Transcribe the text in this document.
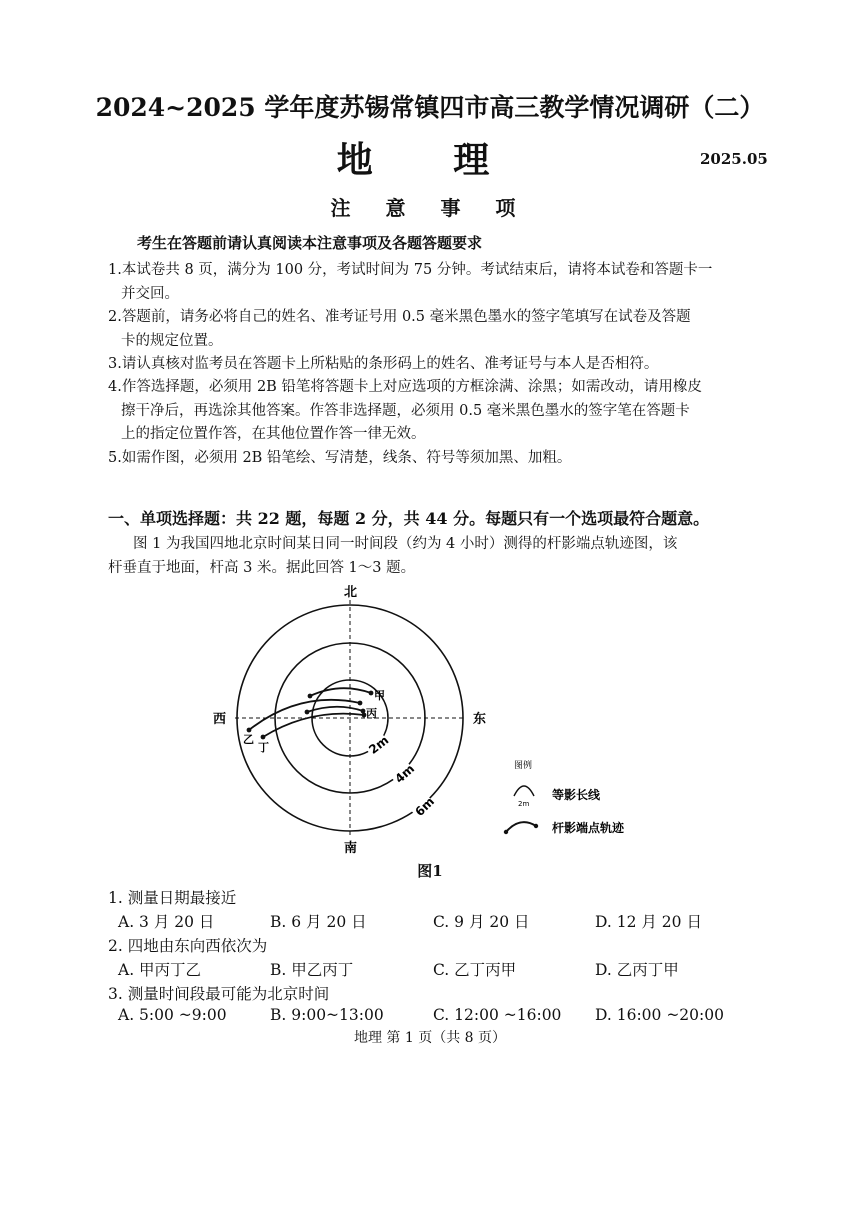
2024~2025 学年度苏锡常镇四市高三教学情况调研（二）
地 理	2025.05
注 意 事 项
考生在答题前请认真阅读本注意事项及各题答题要求
1.本试卷共 8 页，满分为 100 分，考试时间为 75 分钟。考试结束后，请将本试卷和答题卡一
并交回。
2.答题前，请务必将自己的姓名、准考证号用 0.5 毫米黑色墨水的签字笔填写在试卷及答题
卡的规定位置。
3.请认真核对监考员在答题卡上所粘贴的条形码上的姓名、准考证号与本人是否相符。
4.作答选择题，必须用 2B 铅笔将答题卡上对应选项的方框涂满、涂黑；如需改动，请用橡皮
擦干净后，再选涂其他答案。作答非选择题，必须用 0.5 毫米黑色墨水的签字笔在答题卡
上的指定位置作答，在其他位置作答一律无效。
5.如需作图，必须用 2B 铅笔绘、写清楚，线条、符号等须加黑、加粗。
一、单项选择题：共 22 题，每题 2 分，共 44 分。每题只有一个选项最符合题意。
图 1 为我国四地北京时间某日同一时间段（约为 4 小时）测得的杆影端点轨迹图，该
杆垂直于地面，杆高 3 米。据此回答 1～3 题。
2m
4m
6m
北
南
西	东
甲
丙
乙
丁
图例
2m
等影长线
杆影端点轨迹
图1
1. 测量日期最接近
A. 3 月 20 日	B. 6 月 20 日	C. 9 月 20 日	D. 12 月 20 日
2. 四地由东向西依次为
A. 甲丙丁乙	B. 甲乙丙丁	C. 乙丁丙甲	D. 乙丙丁甲
3. 测量时间段最可能为北京时间
A. 5:00 ~9:00	B. 9:00~13:00	C. 12:00 ~16:00 D. 16:00 ~20:00
地理 第 1 页（共 8 页）
